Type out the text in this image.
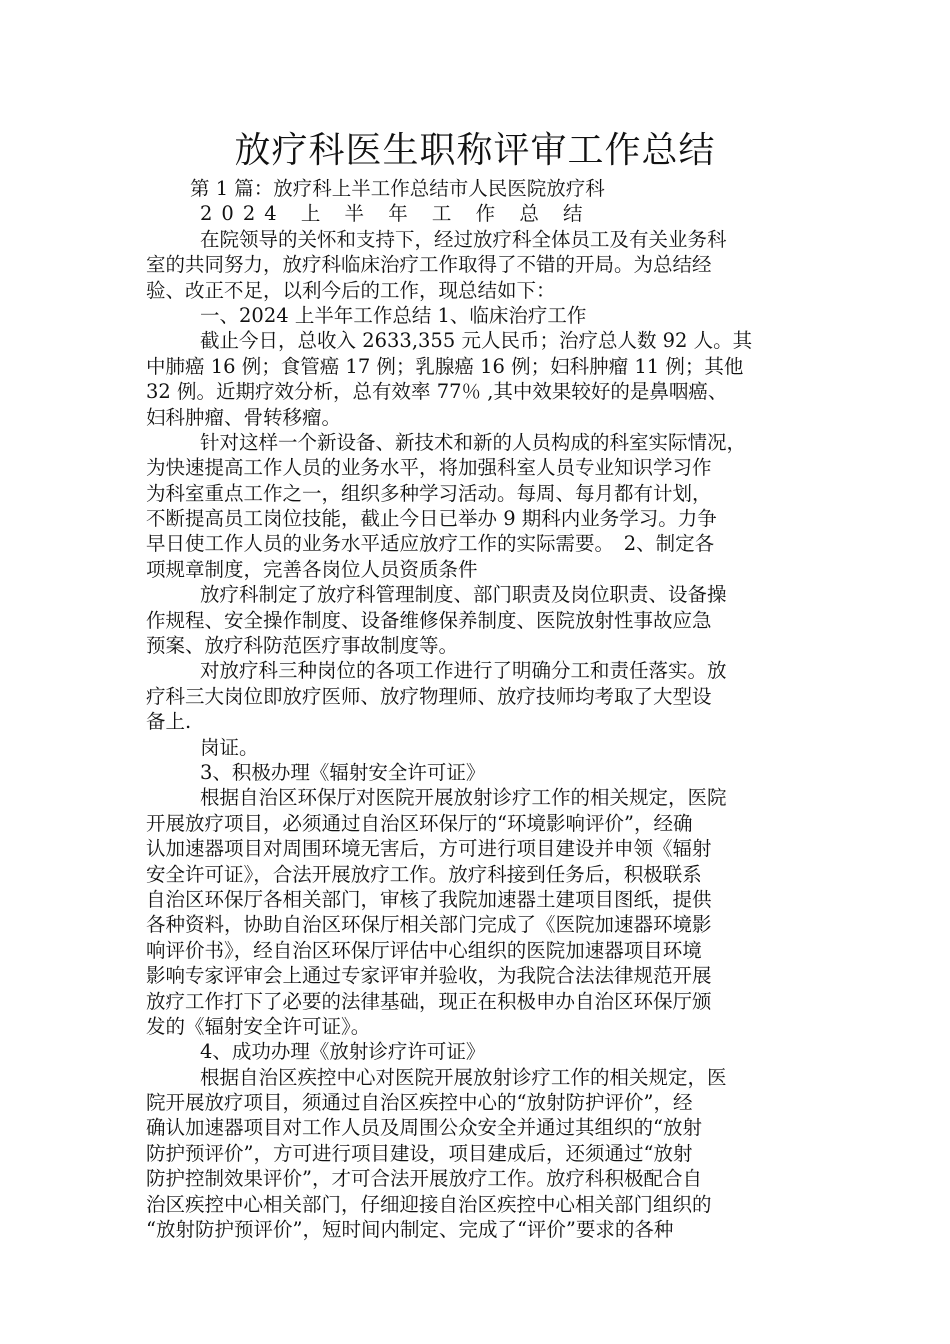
放疗科医生职称评审工作总结
第 1 篇：放疗科上半工作总结市人民医院放疗科
2024 上 半 年 工 作 总 结
在院领导的关怀和支持下，经过放疗科全体员工及有关业务科
室的共同努力，放疗科临床治疗工作取得了不错的开局。为总结经
验、改正不足，以利今后的工作，现总结如下：
一、2024 上半年工作总结 1、临床治疗工作
截止今日，总收入 2633,355 元人民币；治疗总人数 92 人。其
中肺癌 16 例；食管癌 17 例；乳腺癌 16 例；妇科肿瘤 11 例；其他
32 例。近期疗效分析，总有效率 77％ ,其中效果较好的是鼻咽癌、
妇科肿瘤、骨转移瘤。
针对这样一个新设备、新技术和新的人员构成的科室实际情况，
为快速提高工作人员的业务水平，将加强科室人员专业知识学习作
为科室重点工作之一，组织多种学习活动。每周、每月都有计划，
不断提高员工岗位技能，截止今日已举办 9 期科内业务学习。力争
早日使工作人员的业务水平适应放疗工作的实际需要。　2、制定各
项规章制度，完善各岗位人员资质条件
放疗科制定了放疗科管理制度、部门职责及岗位职责、设备操
作规程、安全操作制度、设备维修保养制度、医院放射性事故应急
预案、放疗科防范医疗事故制度等。
对放疗科三种岗位的各项工作进行了明确分工和责任落实。放
疗科三大岗位即放疗医师、放疗物理师、放疗技师均考取了大型设
备上.
岗证。
3、积极办理《辐射安全许可证》
根据自治区环保厅对医院开展放射诊疗工作的相关规定，医院
开展放疗项目，必须通过自治区环保厅的“环境影响评价”，经确
认加速器项目对周围环境无害后，方可进行项目建设并申领《辐射
安全许可证》，合法开展放疗工作。放疗科接到任务后，积极联系
自治区环保厅各相关部门，审核了我院加速器土建项目图纸，提供
各种资料，协助自治区环保厅相关部门完成了《医院加速器环境影
响评价书》，经自治区环保厅评估中心组织的医院加速器项目环境
影响专家评审会上通过专家评审并验收，为我院合法法律规范开展
放疗工作打下了必要的法律基础，现正在积极申办自治区环保厅颁
发的《辐射安全许可证》。
4、成功办理《放射诊疗许可证》
根据自治区疾控中心对医院开展放射诊疗工作的相关规定，医
院开展放疗项目，须通过自治区疾控中心的“放射防护评价”，经
确认加速器项目对工作人员及周围公众安全并通过其组织的“放射
防护预评价”，方可进行项目建设，项目建成后，还须通过“放射
防护控制效果评价”，才可合法开展放疗工作。放疗科积极配合自
治区疾控中心相关部门，仔细迎接自治区疾控中心相关部门组织的
“放射防护预评价”，短时间内制定、完成了“评价”要求的各种
